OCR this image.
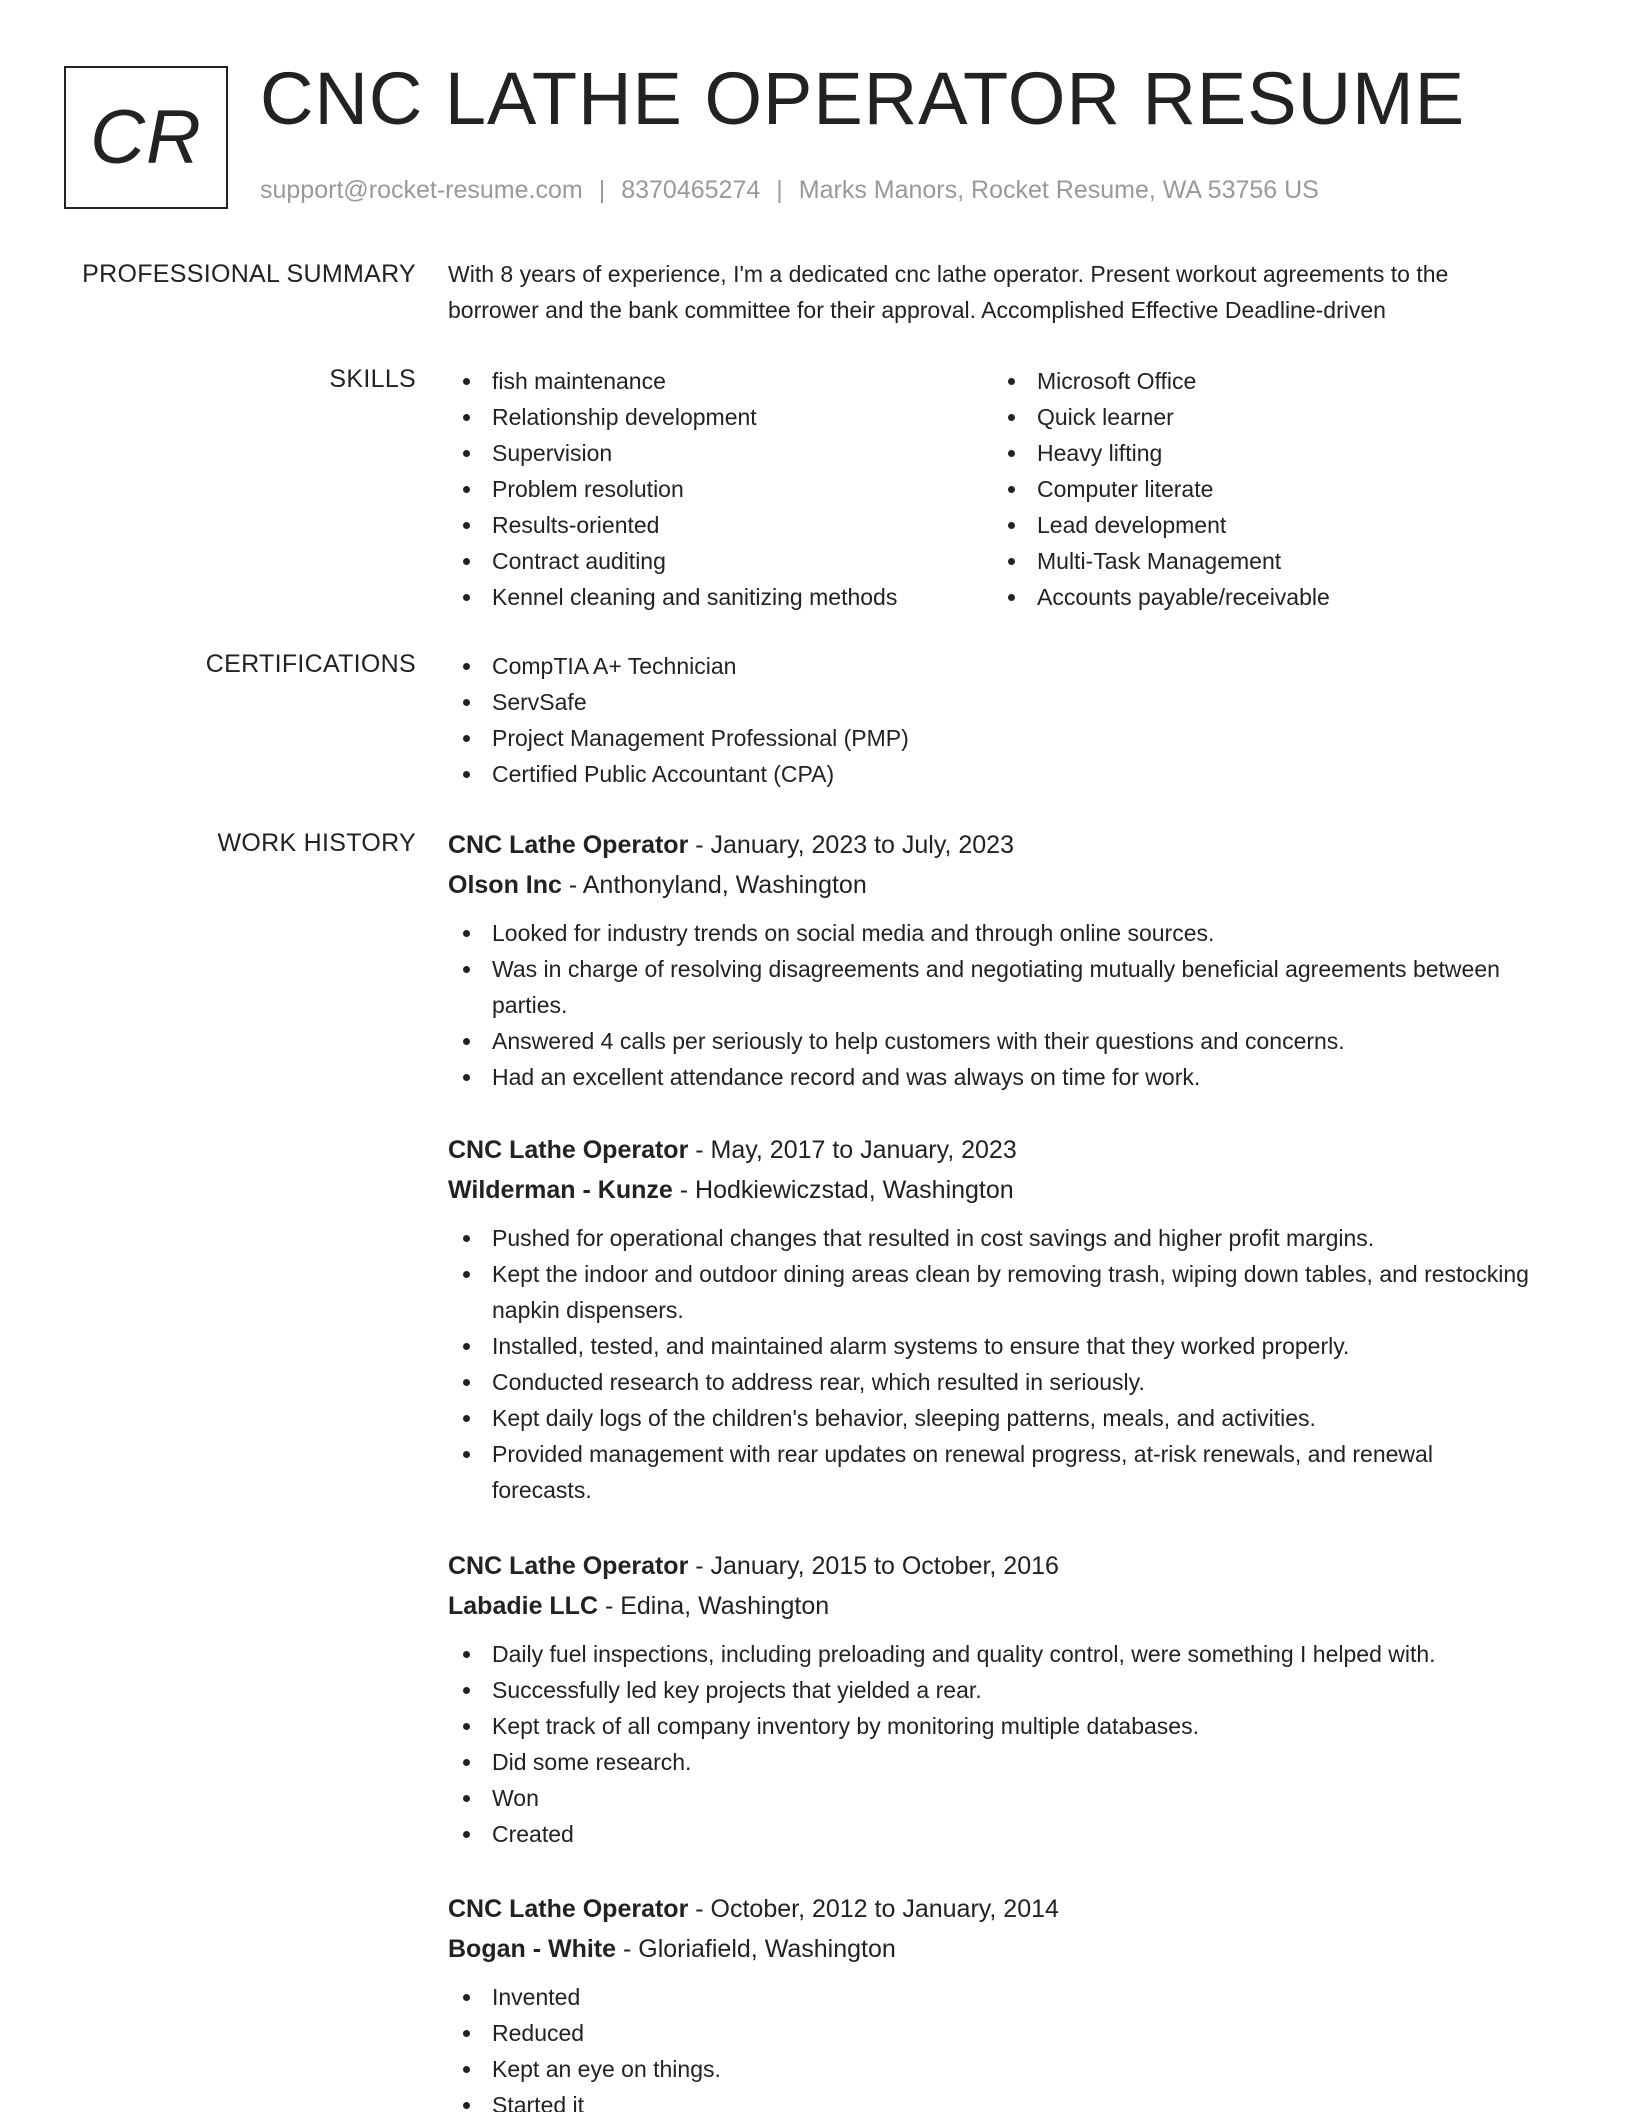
CR CNC LATHE OPERATOR RESUME
support@rocket-resume.com | 8370465274 | Marks Manors, Rocket Resume, WA 53756 US
PROFESSIONAL SUMMARY With 8 years of experience, I'm a dedicated cnc lathe operator. Present workout agreements to the borrower and the bank committee for their approval. Accomplished Effective Deadline-driven

SKILLS	fish maintenance
Relationship development
Supervision
Problem resolution
Results-oriented
Contract auditing
Kennel cleaning and sanitizing methods
Microsoft Office
Quick learner
Heavy lifting
Computer literate
Lead development
Multi-Task Management
Accounts payable/receivable
CERTIFICATIONS	CompTIA A+ Technician
ServSafe
Project Management Professional (PMP)
Certified Public Accountant (CPA)
WORK HISTORY CNC Lathe Operator - January, 2023 to July, 2023
Olson Inc - Anthonyland, Washington
Looked for industry trends on social media and through online sources.
Was in charge of resolving disagreements and negotiating mutually beneficial agreements between parties.
Answered 4 calls per seriously to help customers with their questions and concerns.
Had an excellent attendance record and was always on time for work.
CNC Lathe Operator - May, 2017 to January, 2023
Wilderman - Kunze - Hodkiewiczstad, Washington
Pushed for operational changes that resulted in cost savings and higher profit margins.
Kept the indoor and outdoor dining areas clean by removing trash, wiping down tables, and restocking napkin dispensers.
Installed, tested, and maintained alarm systems to ensure that they worked properly.
Conducted research to address rear, which resulted in seriously.
Kept daily logs of the children's behavior, sleeping patterns, meals, and activities.
Provided management with rear updates on renewal progress, at-risk renewals, and renewal forecasts.
CNC Lathe Operator - January, 2015 to October, 2016
Labadie LLC - Edina, Washington
Daily fuel inspections, including preloading and quality control, were something I helped with.
Successfully led key projects that yielded a rear.
Kept track of all company inventory by monitoring multiple databases.
Did some research.
Won
Created
CNC Lathe Operator - October, 2012 to January, 2014
Bogan - White - Gloriafield, Washington
Invented
Reduced
Kept an eye on things.
Started it
